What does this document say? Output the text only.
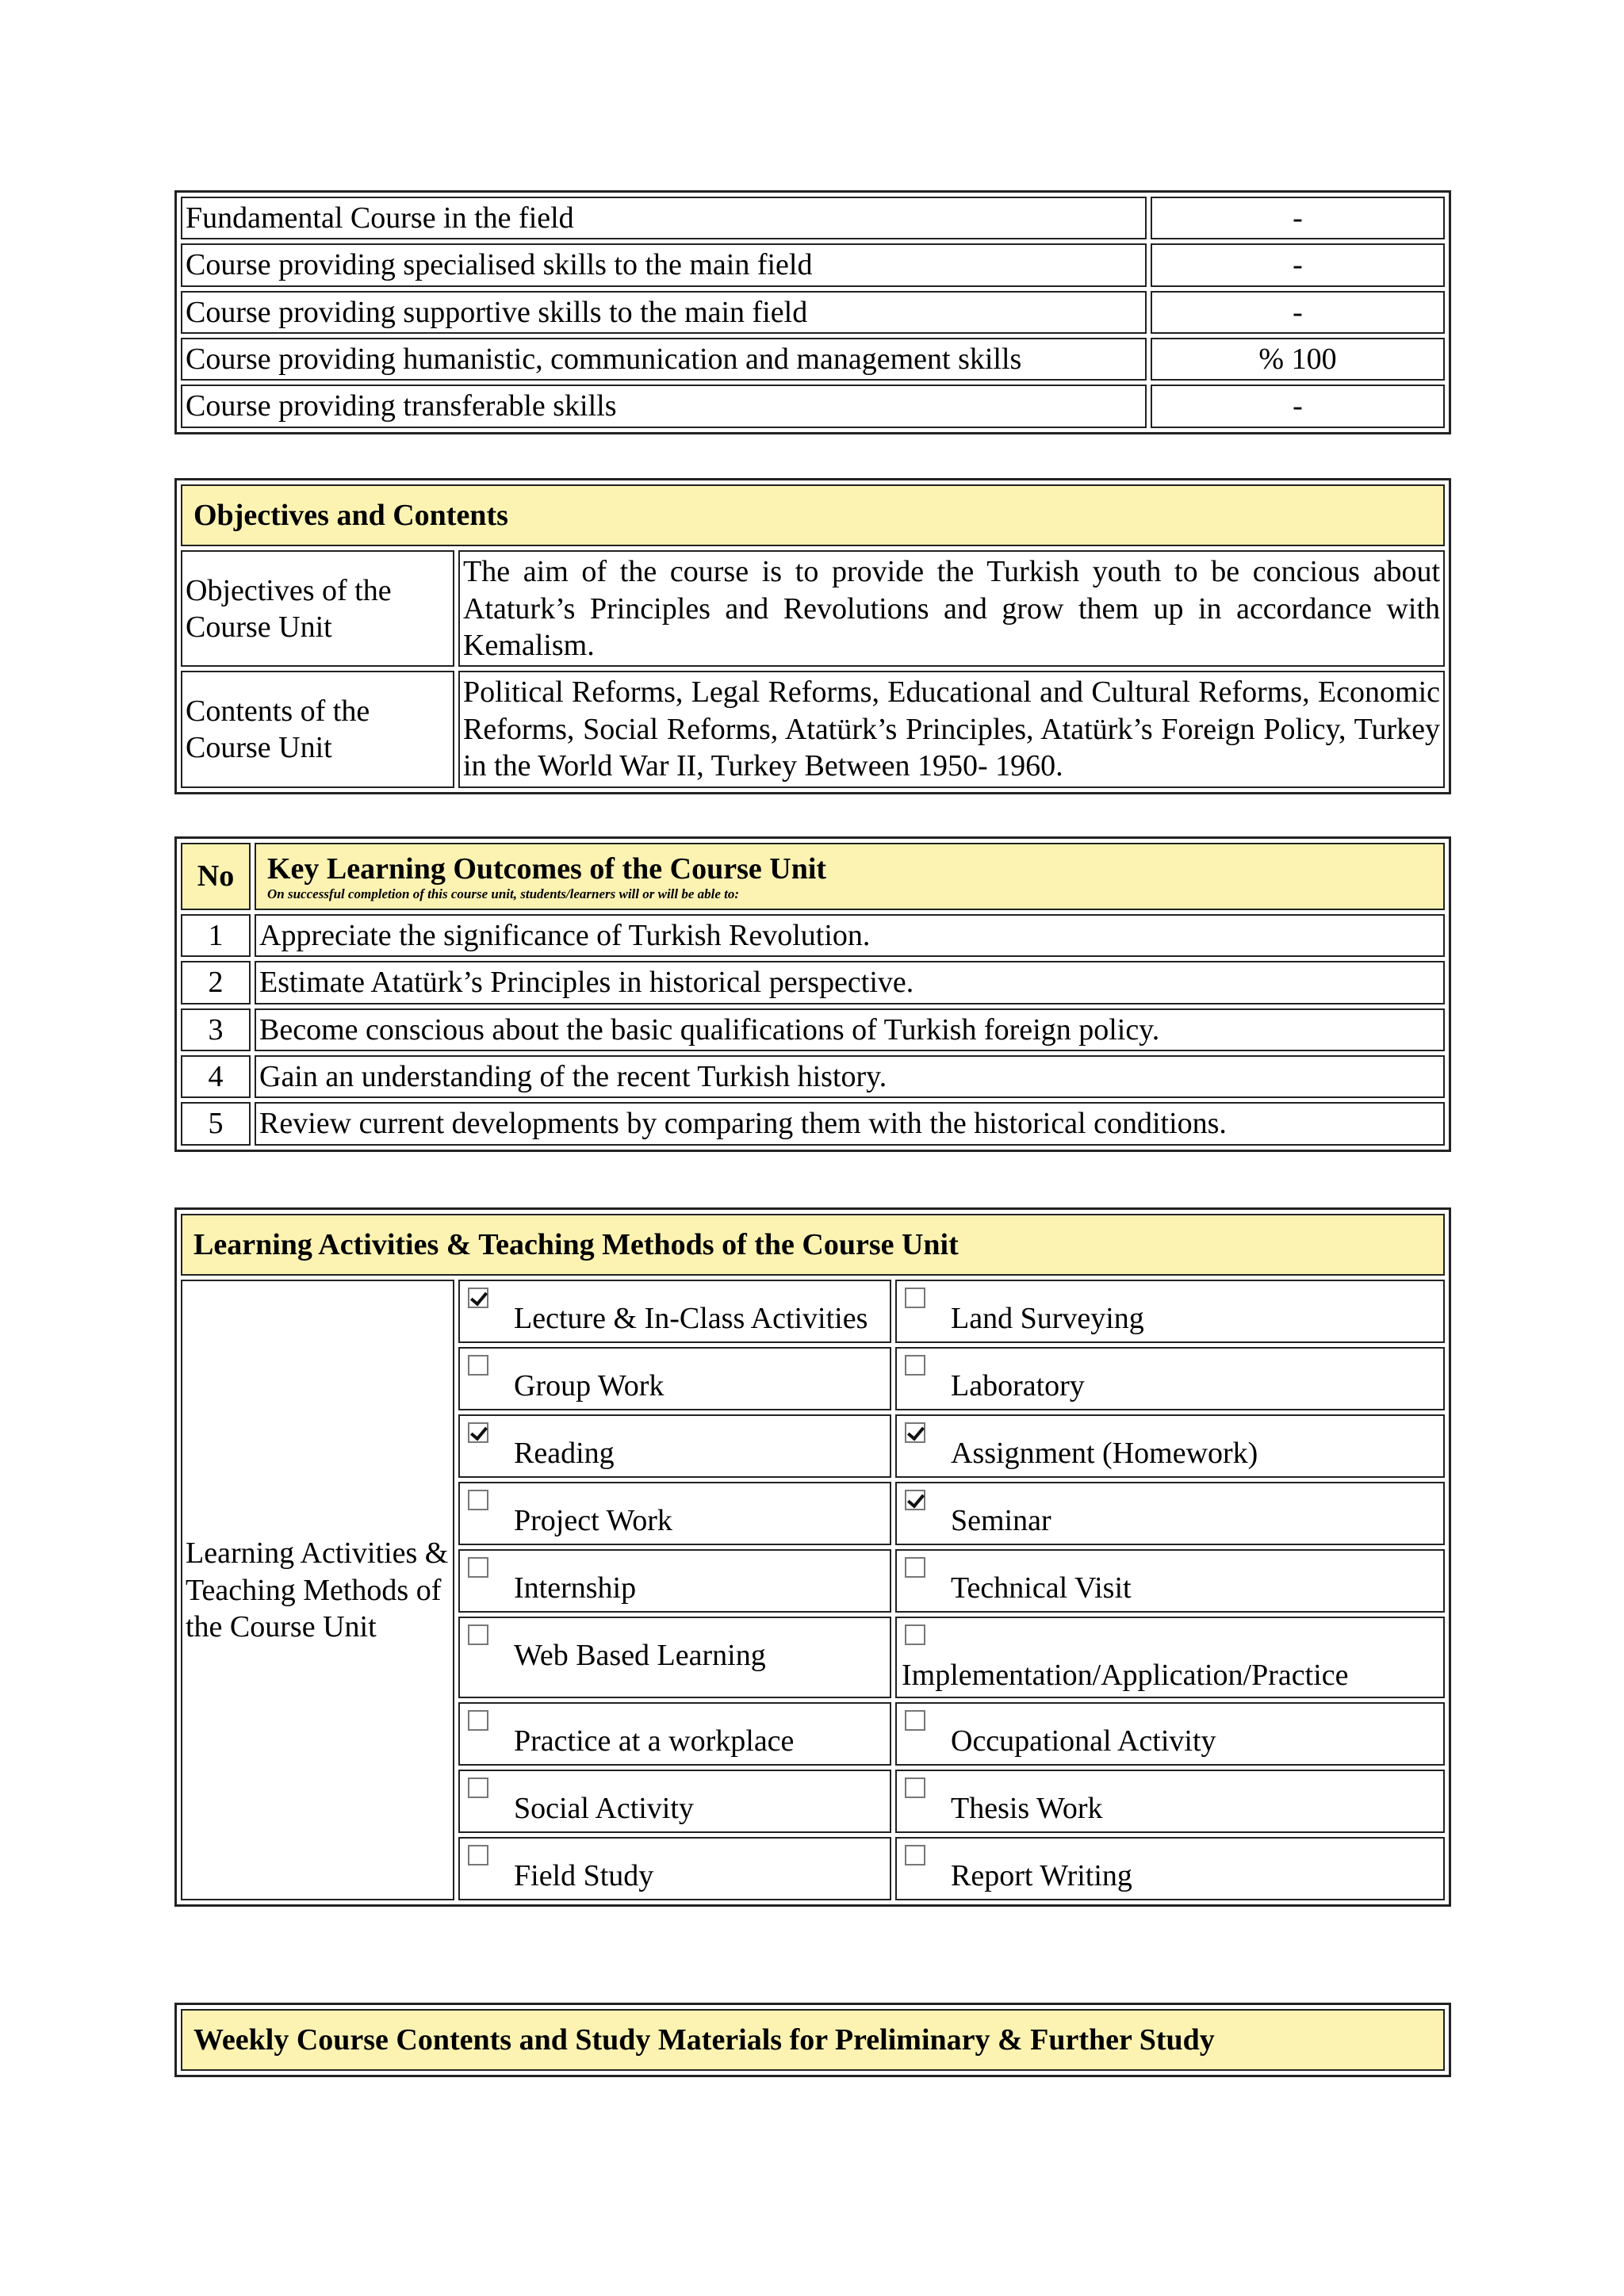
Fundamental Course in the field	-
Course providing specialised skills to the main field	-
Course providing supportive skills to the main field	-
Course providing humanistic, communication and management skills	% 100
Course providing transferable skills	-
Objectives and Contents	
Objectives of the Course Unit	The aim of the course is to provide the Turkish youth to be concious about Ataturk’s Principles and Revolutions and grow them up in accordance with Kemalism.
Contents of the Course Unit	Political Reforms, Legal Reforms, Educational and Cultural Reforms, Economic Reforms, Social Reforms, Atatürk’s Principles, Atatürk’s Foreign Policy, Turkey in the World War II, Turkey Between 1950- 1960.
No	Key Learning Outcomes of the Course Unit
On successful completion of this course unit, students/learners will or will be able to:

1	Appreciate the significance of Turkish Revolution.
2	Estimate Atatürk’s Principles in historical perspective.
3	Become conscious about the basic qualifications of Turkish foreign policy.
4	Gain an understanding of the recent Turkish history.
5	Review current developments by comparing them with the historical conditions.
Learning Activities & Teaching Methods of the Course Unit		
Learning Activities & Teaching Methods of the Course Unit	Lecture & In-Class Activities	Land Surveying

	Group Work	Laboratory

	Reading	Assignment (Homework)

	Project Work	Seminar

	Internship	Technical Visit

	Web Based Learning	Implementation/Application/Practice

	Practice at a workplace	Occupational Activity

	Social Activity	Thesis Work

	Field Study	Report Writing
Weekly Course Contents and Study Materials for Preliminary & Further Study
